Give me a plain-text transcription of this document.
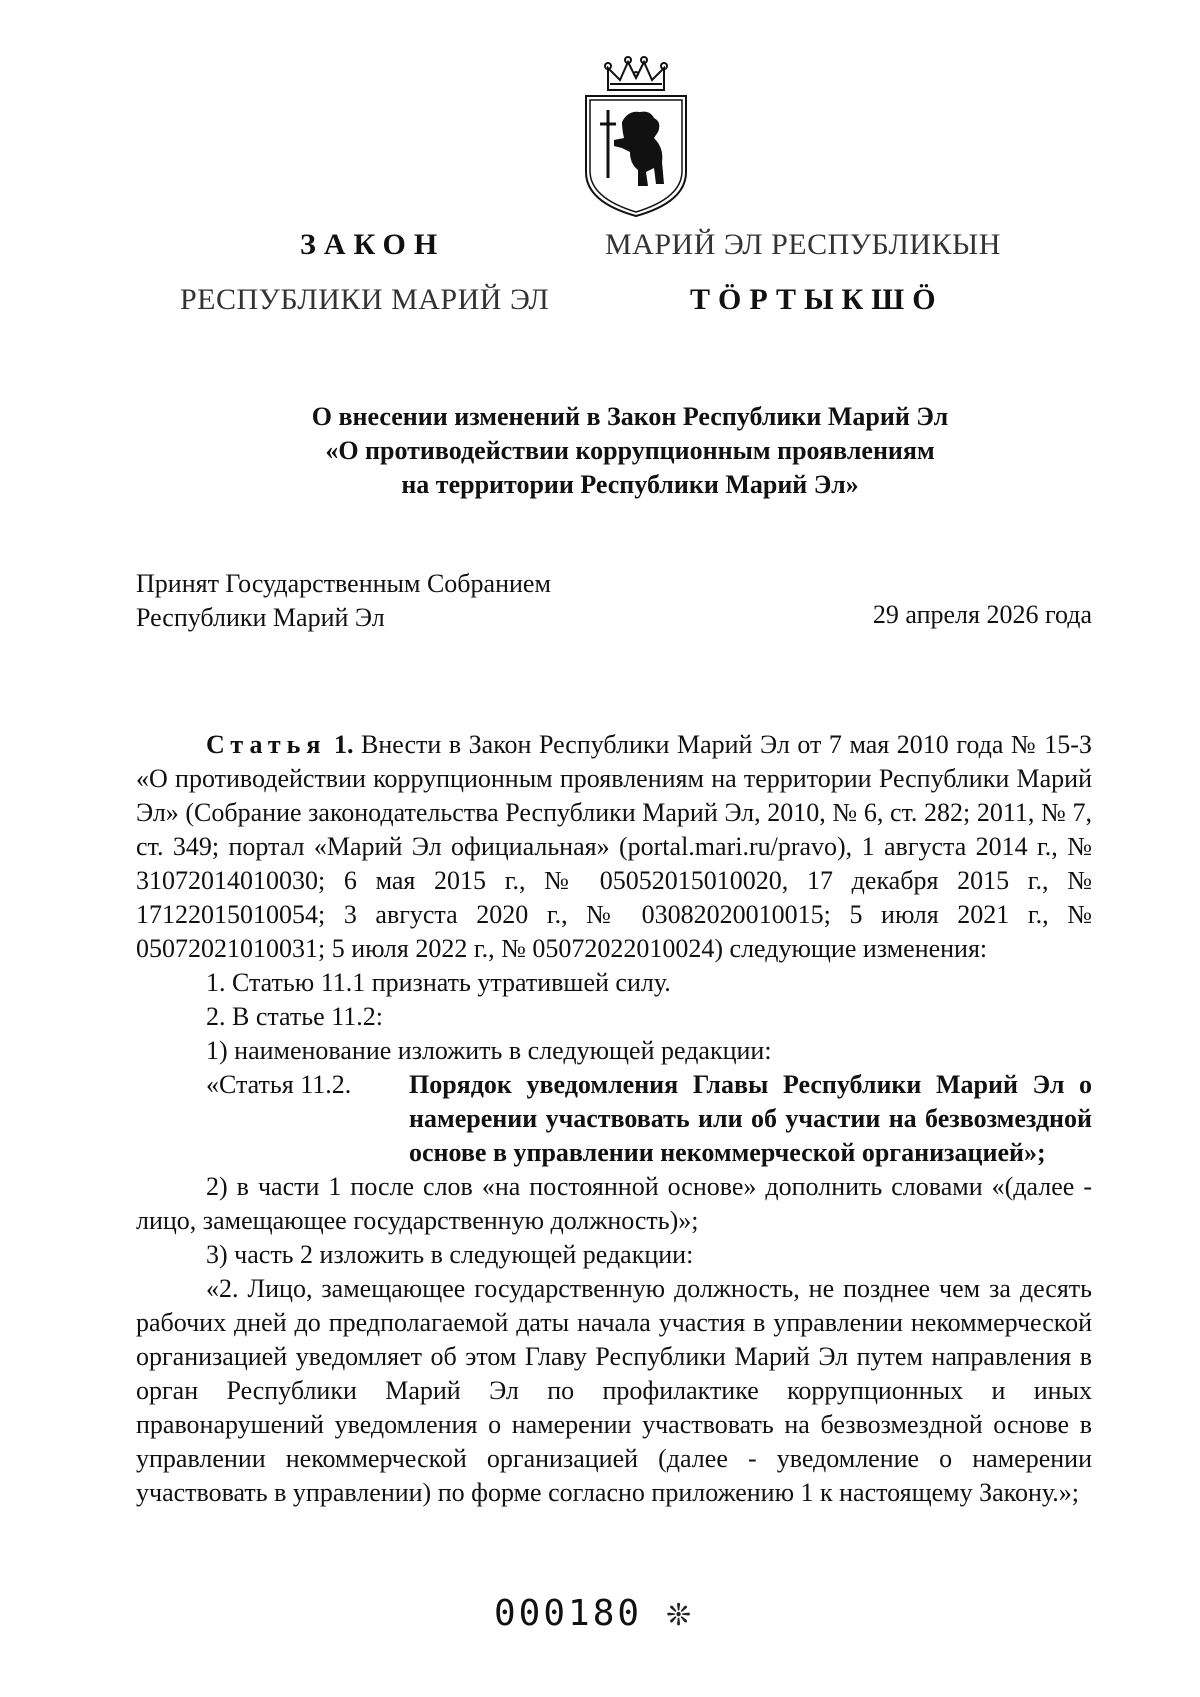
ЗАКОН
РЕСПУБЛИКИ МАРИЙ ЭЛ
МАРИЙ ЭЛ РЕСПУБЛИКЫН
ТӦРТЫКШӦ
О внесении изменений в Закон Республики Марий Эл
«О противодействии коррупционным проявлениям
на территории Республики Марий Эл»
Принят Государственным Собранием
Республики Марий Эл	29 апреля 2026 года

Статья 1. Внести в Закон Республики Марий Эл от 7 мая 2010 года № 15-З «О противодействии коррупционным проявлениям на территории Республики Марий Эл» (Собрание законодательства Республики Марий Эл, 2010, № 6, ст. 282; 2011, № 7, ст. 349; портал «Марий Эл официальная» (portal.mari.ru/pravo), 1 августа 2014 г., № 31072014010030; 6 мая 2015 г., № 05052015010020, 17 декабря 2015 г., № 17122015010054; 3 августа 2020 г., № 03082020010015; 5 июля 2021 г., № 05072021010031; 5 июля 2022 г., № 05072022010024) следующие изменения:

1. Статью 11.1 признать утратившей силу.

2. В статье 11.2:

1) наименование изложить в следующей редакции:

«Статья 11.2.	Порядок уведомления Главы Республики Марий Эл о намерении участвовать или об участии на безвозмездной основе в управлении некоммерческой организацией»;

2) в части 1 после слов «на постоянной основе» дополнить словами «(далее - лицо, замещающее государственную должность)»;

3) часть 2 изложить в следующей редакции:

«2. Лицо, замещающее государственную должность, не позднее чем за десять рабочих дней до предполагаемой даты начала участия в управлении некоммерческой организацией уведомляет об этом Главу Республики Марий Эл путем направления в орган Республики Марий Эл по профилактике коррупционных и иных правонарушений уведомления о намерении участвовать на безвозмездной основе в управлении некоммерческой организацией (далее - уведомление о намерении участвовать в управлении) по форме согласно приложению 1 к настоящему Закону.»;

000180 ❊
